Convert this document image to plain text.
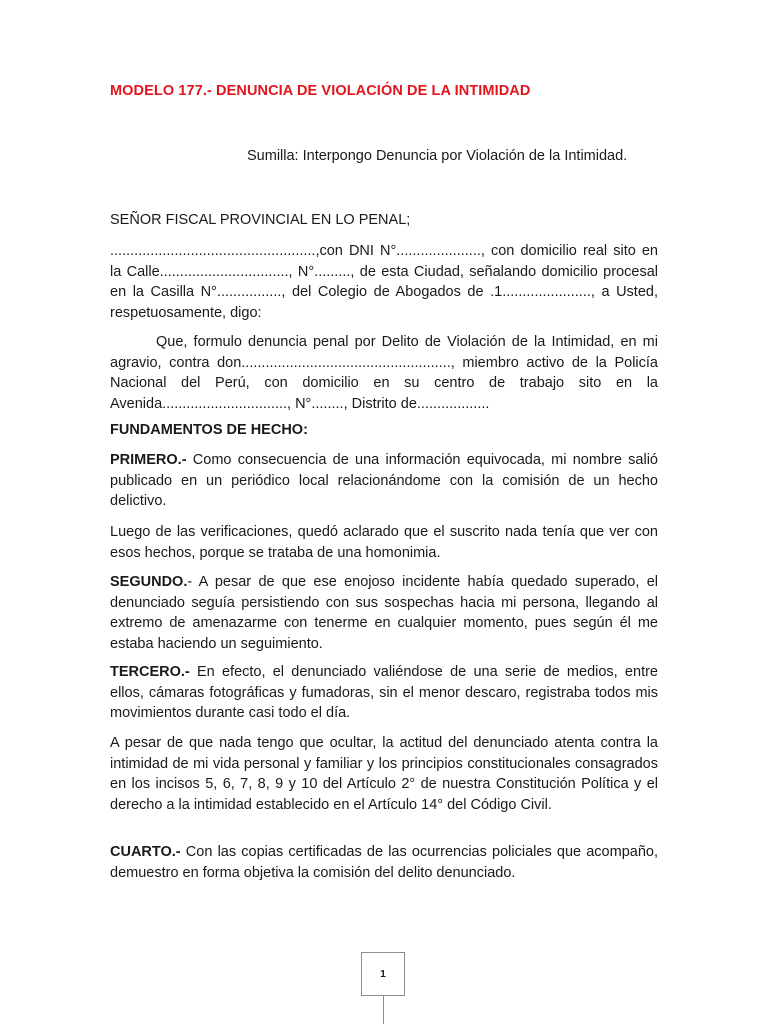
MODELO 177.- DENUNCIA DE VIOLACIÓN DE LA INTIMIDAD
Sumilla: Interpongo Denuncia por Violación de la Intimidad.
SEÑOR FISCAL PROVINCIAL EN LO PENAL;

...................................................,con DNI N°....................., con domicilio real sito en la Calle................................, N°........., de esta Ciudad, señalando domicilio procesal en la Casilla N°................, del Colegio de Abogados de .1......................, a Usted, respetuosamente, digo:

Que, formulo denuncia penal por Delito de Violación de la Intimidad, en mi agravio, contra don...................................................., miembro activo de la Policía Nacional del Perú, con domicilio en su centro de trabajo sito en la Avenida..............................., N°........, Distrito de..................

FUNDAMENTOS DE HECHO:

PRIMERO.- Como consecuencia de una información equivocada, mi nombre salió publicado en un periódico local relacionándome con la comisión de un hecho delictivo.

Luego de las verificaciones, quedó aclarado que el suscrito nada tenía que ver con esos hechos, porque se trataba de una homonimia.

SEGUNDO.- A pesar de que ese enojoso incidente había quedado superado, el denunciado seguía persistiendo con sus sospechas hacia mi persona, llegando al extremo de amenazarme con tenerme en cualquier momento, pues según él me estaba haciendo un seguimiento.

TERCERO.- En efecto, el denunciado valiéndose de una serie de medios, entre ellos, cámaras fotográficas y fumadoras, sin el menor descaro, registraba todos mis movimientos durante casi todo el día.

A pesar de que nada tengo que ocultar, la actitud del denunciado atenta contra la intimidad de mi vida personal y familiar y los principios constitucionales consagrados en los incisos 5, 6, 7, 8, 9 y 10 del Artículo 2° de nuestra Constitución Política y el derecho a la intimidad establecido en el Artículo 14° del Código Civil.

CUARTO.- Con las copias certificadas de las ocurrencias policiales que acompaño, demuestro en forma objetiva la comisión del delito denunciado.

1
